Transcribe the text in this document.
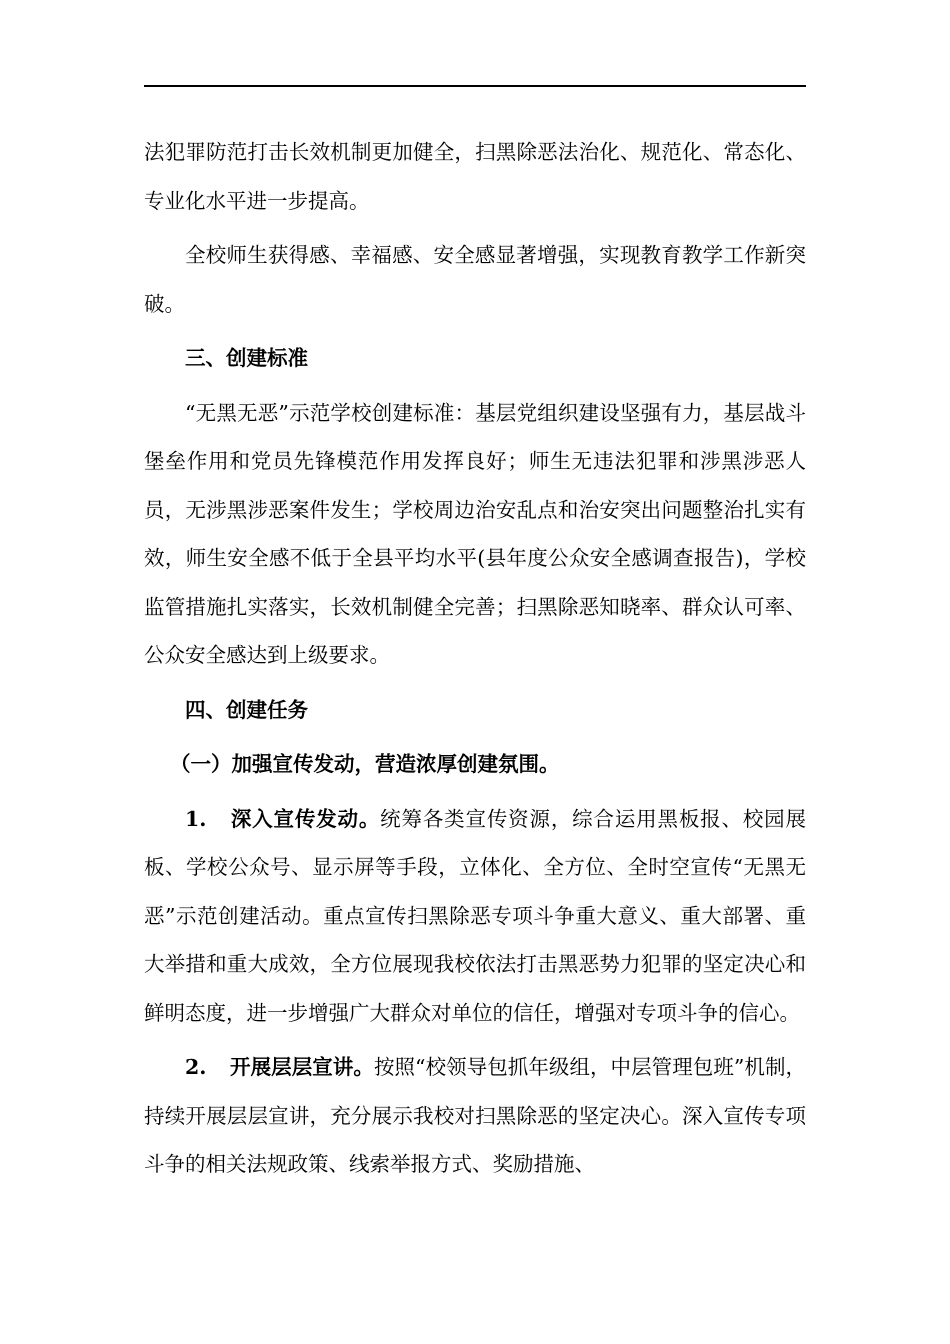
法犯罪防范打击长效机制更加健全，扫黑除恶法治化、规范化、常态化、专业化水平进一步提高。

全校师生获得感、幸福感、安全感显著增强，实现教育教学工作新突破。

三、创建标准

“无黑无恶”示范学校创建标准：基层党组织建设坚强有力，基层战斗堡垒作用和党员先锋模范作用发挥良好；师生无违法犯罪和涉黑涉恶人员，无涉黑涉恶案件发生；学校周边治安乱点和治安突出问题整治扎实有效，师生安全感不低于全县平均水平(县年度公众安全感调查报告)，学校监管措施扎实落实，长效机制健全完善；扫黑除恶知晓率、群众认可率、公众安全感达到上级要求。

四、创建任务

（一）加强宣传发动，营造浓厚创建氛围。

1. 深入宣传发动。统筹各类宣传资源，综合运用黑板报、校园展板、学校公众号、显示屏等手段，立体化、全方位、全时空宣传“无黑无恶”示范创建活动。重点宣传扫黑除恶专项斗争重大意义、重大部署、重大举措和重大成效，全方位展现我校依法打击黑恶势力犯罪的坚定决心和鲜明态度，进一步增强广大群众对单位的信任，增强对专项斗争的信心。

2. 开展层层宣讲。按照“校领导包抓年级组，中层管理包班”机制，持续开展层层宣讲，充分展示我校对扫黑除恶的坚定决心。深入宣传专项斗争的相关法规政策、线索举报方式、奖励措施、
